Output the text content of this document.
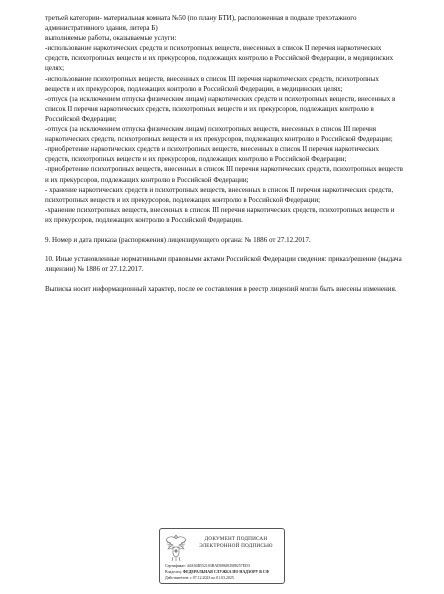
третьей категории- материальная комната №50 (по плану БТИ), расположенная в подвале трехэтажного административного здания, литера Б)

выполняемые работы, оказываемые услуги:

-использование наркотических средств и психотропных веществ, внесенных в список II перечня наркотических средств, психотропных веществ и их прекурсоров, подлежащих контролю в Российской Федерации, в медицинских целях;

-использование психотропных веществ, внесенных в список III перечня наркотических средств, психотропных веществ и их прекурсоров, подлежащих контролю в Российской Федерации, в медицинских целях;

-отпуск (за исключением отпуска физическим лицам) наркотических средств и психотропных веществ, внесенных в список II перечня наркотических средств, психотропных веществ и их прекурсоров, подлежащих контролю в Российской Федерации;

-отпуск (за исключением отпуска физическим лицам) психотропных веществ, внесенных в список III перечня наркотических средств, психотропных веществ и их прекурсоров, подлежащих контролю в Российской Федерации;

-приобретение наркотических средств и психотропных веществ, внесенных в список II перечня наркотических средств, психотропных веществ и их прекурсоров, подлежащих контролю в Российской Федерации;

-приобретение психотропных веществ, внесенных в список III перечня наркотических средств, психотропных веществ и их прекурсоров, подлежащих контролю в Российской Федерации;

- хранение наркотических средств и психотропных веществ, внесенных в список II перечня наркотических средств, психотропных веществ и их прекурсоров, подлежащих контролю в Российской Федерации;

-хранение психотропных веществ, внесенных в список III перечня наркотических средств, психотропных веществ и их прекурсоров, подлежащих контролю в Российской Федерации.

9. Номер и дата приказа (распоряжения) лицензирующего органа: № 1886 от 27.12.2017.

10. Иные установленные нормативными правовыми актами Российской Федерации сведения: приказ/решение (выдача лицензии) № 1886 от 27.12.2017.

Выписка носит информационный характер, после ее составления в реестр лицензий могли быть внесены изменения.

ДОКУМЕНТ ПОДПИСАН
ЭЛЕКТРОННОЙ ПОДПИСЬЮ
Сертификат: 44A36B552103BAD0868CB88257ED3
Владелец: ФЕДЕРАЛЬНАЯ СЛУЖБА ПО НАДЗОРУ В СФ
Действителен: с 07.12.2023 по 01.03.2025
